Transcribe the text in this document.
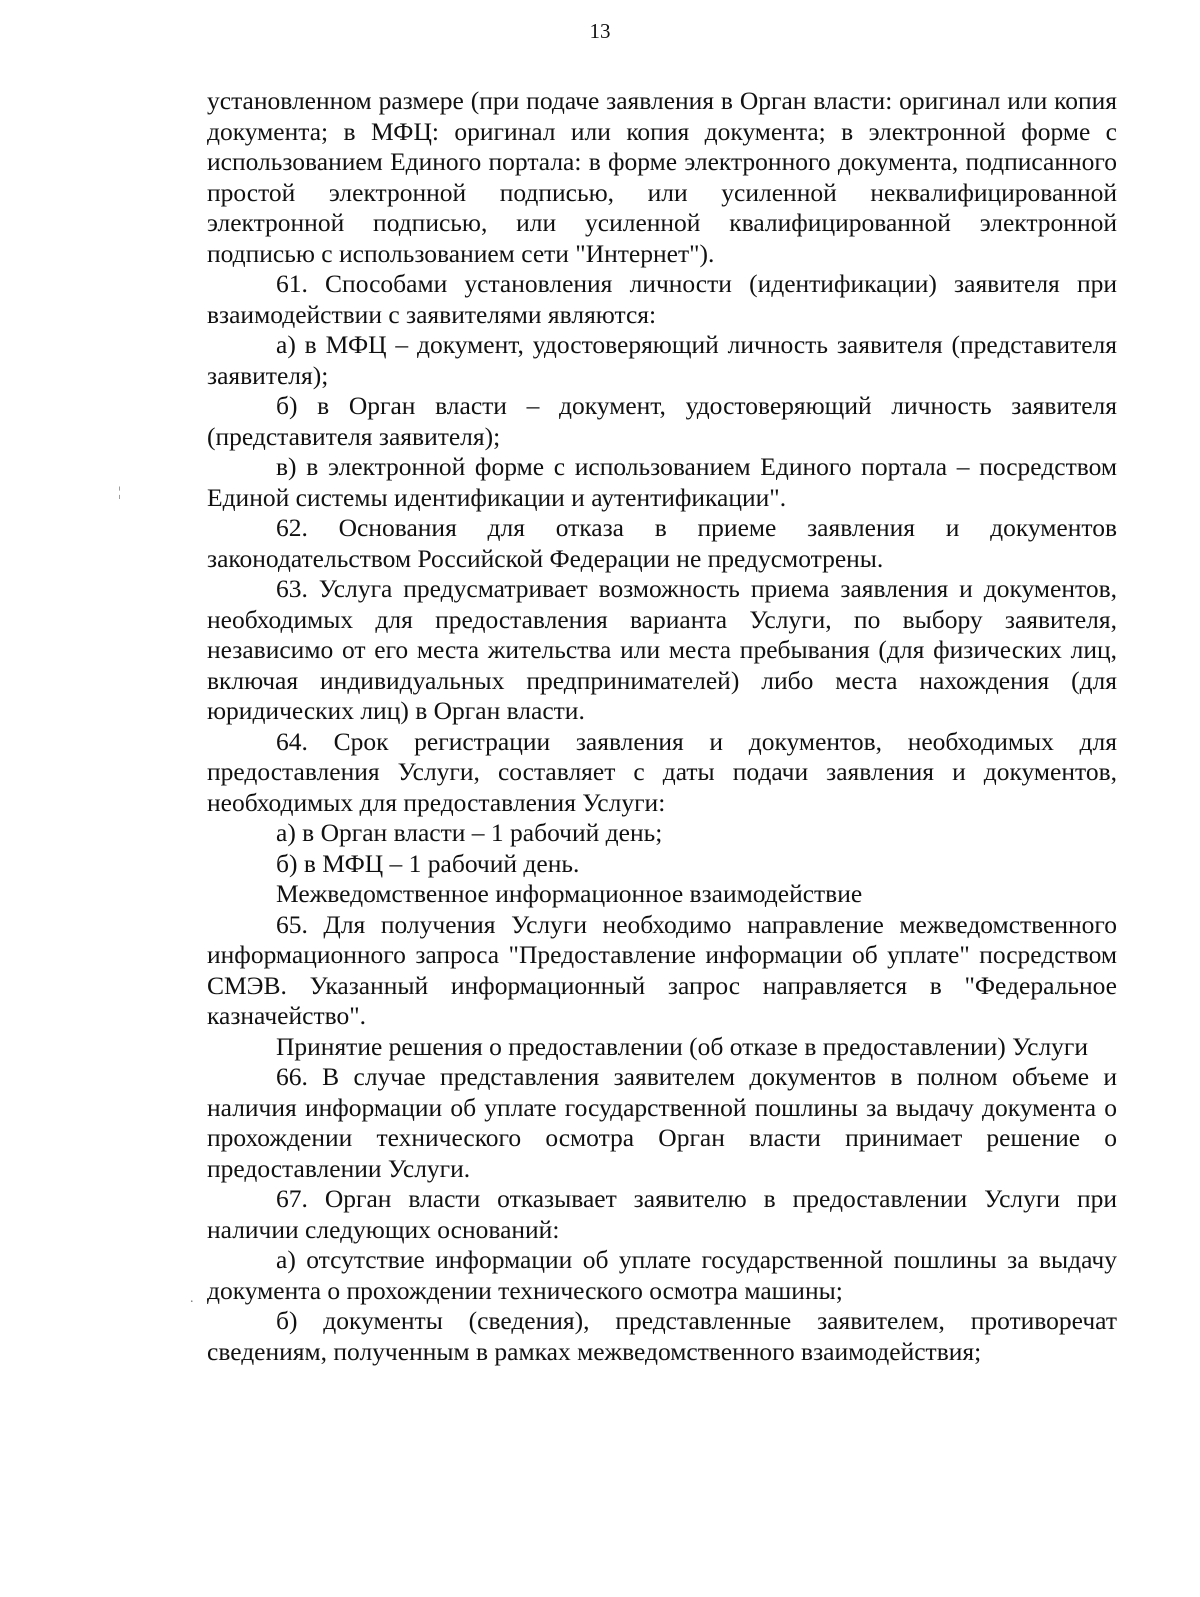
13

установленном размере (при подаче заявления в Орган власти: оригинал или копия документа; в МФЦ: оригинал или копия документа; в электронной форме с использованием Единого портала: в форме электронного документа, подписанного простой электронной подписью, или усиленной неквалифицированной электронной подписью, или усиленной квалифицированной электронной подписью с использованием сети "Интернет").

61. Способами установления личности (идентификации) заявителя при взаимодействии с заявителями являются:

а) в МФЦ – документ, удостоверяющий личность заявителя (представителя заявителя);

б) в Орган власти – документ, удостоверяющий личность заявителя (представителя заявителя);

в) в электронной форме с использованием Единого портала – посредством Единой системы идентификации и аутентификации".

62. Основания для отказа в приеме заявления и документов законодательством Российской Федерации не предусмотрены.

63. Услуга предусматривает возможность приема заявления и документов, необходимых для предоставления варианта Услуги, по выбору заявителя, независимо от его места жительства или места пребывания (для физических лиц, включая индивидуальных предпринимателей) либо места нахождения (для юридических лиц) в Орган власти.

64. Срок регистрации заявления и документов, необходимых для предоставления Услуги, составляет с даты подачи заявления и документов, необходимых для предоставления Услуги:

а) в Орган власти – 1 рабочий день;

б) в МФЦ – 1 рабочий день.

Межведомственное информационное взаимодействие

65. Для получения Услуги необходимо направление межведомственного информационного запроса "Предоставление информации об уплате" посредством СМЭВ. Указанный информационный запрос направляется в "Федеральное казначейство".

Принятие решения о предоставлении (об отказе в предоставлении) Услуги

66. В случае представления заявителем документов в полном объеме и наличия информации об уплате государственной пошлины за выдачу документа о прохождении технического осмотра Орган власти принимает решение о предоставлении Услуги.

67. Орган власти отказывает заявителю в предоставлении Услуги при наличии следующих оснований:

а) отсутствие информации об уплате государственной пошлины за выдачу документа о прохождении технического осмотра машины;

б) документы (сведения), представленные заявителем, противоречат сведениям, полученным в рамках межведомственного взаимодействия;

¦
.
